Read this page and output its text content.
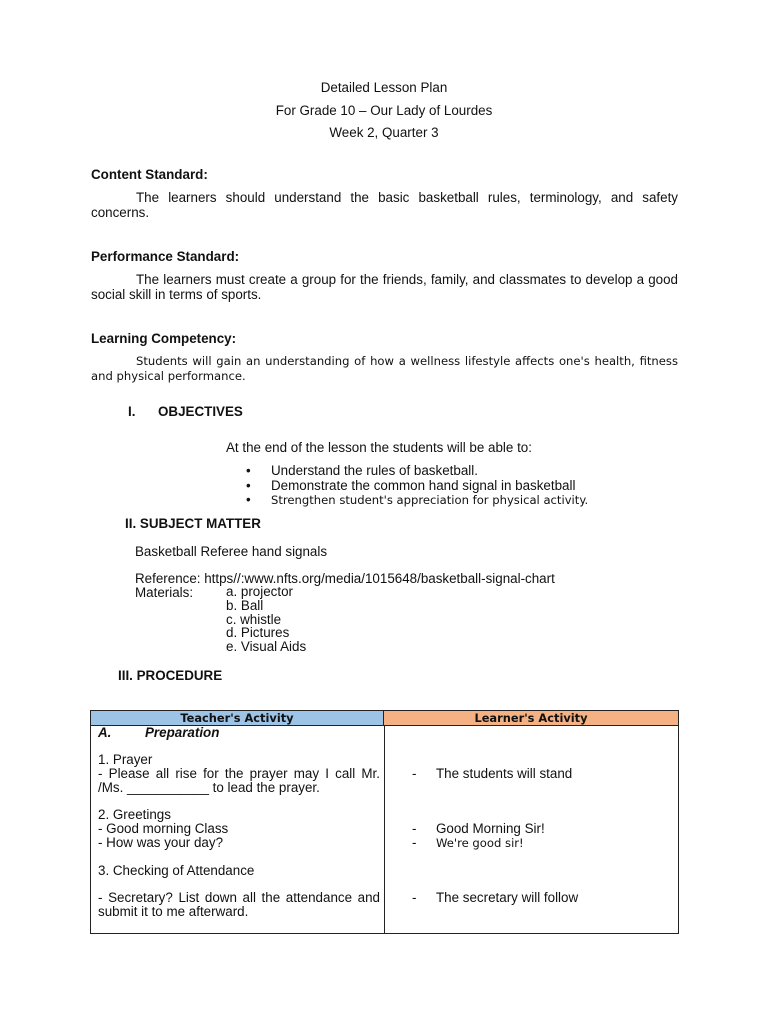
Detailed Lesson Plan
For Grade 10 – Our Lady of Lourdes
Week 2, Quarter 3
Content Standard:
The learners should understand the basic basketball rules, terminology, and safety concerns.
Performance Standard:
The learners must create a group for the friends, family, and classmates to develop a good social skill in terms of sports.
Learning Competency:
Students will gain an understanding of how a wellness lifestyle affects one's health, fitness and physical performance.
I. OBJECTIVES
At the end of the lesson the students will be able to:
• Understand the rules of basketball.
• Demonstrate the common hand signal in basketball
• Strengthen student's appreciation for physical activity.
II. SUBJECT MATTER
Basketball Referee hand signals
Reference: https//:www.nfts.org/media/1015648/basketball-signal-chart
Materials: a. projector
b. Ball
c. whistle
d. Pictures
e. Visual Aids
III. PROCEDURE
Teacher's Activity	Learner's Activity
A.	Preparation
1. Prayer
- Please all rise for the prayer may I call Mr.
/Ms. ___________ to lead the prayer.
2. Greetings
- Good morning Class
- How was your day?
3. Checking of Attendance
- Secretary? List down all the attendance and
submit it to me afterward.
- The students will stand
- Good Morning Sir!
- We're good sir!
- The secretary will follow
